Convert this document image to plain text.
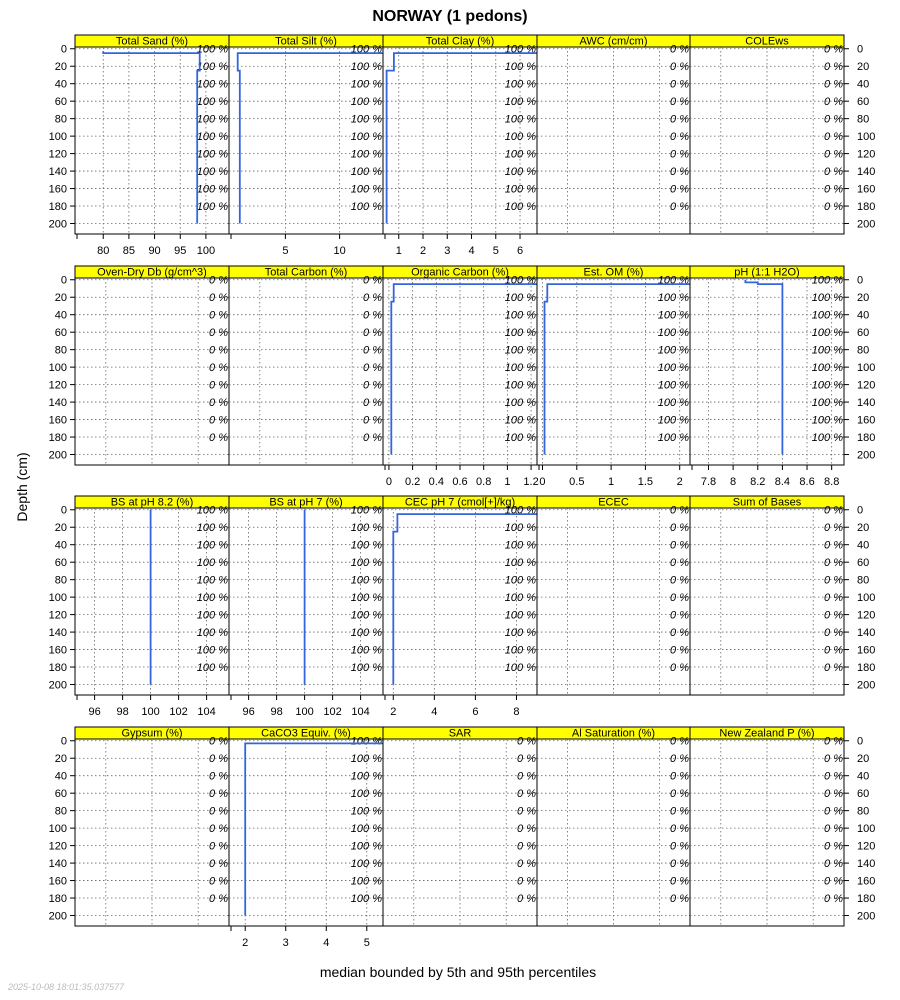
NORWAY (1 pedons)
Depth (cm)
median bounded by 5th and 95th percentiles
2025-10-08 18:01:35.037577
Total Sand (%)
80 85 90 95 100
100 %
100 %
100 %
100 %
100 %
100 %
100 %
100 %
100 %
100 %
Total Silt (%)
5	10
100 %
100 %
100 %
100 %
100 %
100 %
100 %
100 %
100 %
100 %
Total Clay (%)
1 2 3 4 5 6
100 %
100 %
100 %
100 %
100 %
100 %
100 %
100 %
100 %
100 %
AWC (cm/cm)
0 %
0 %
0 %
0 %
0 %
0 %
0 %
0 %
0 %
0 %
COLEws
0 %
0 %
0 %
0 %
0 %
0 %
0 %
0 %
0 %
0 %
Oven-Dry Db (g/cm^3)
0 %
0 %
0 %
0 %
0 %
0 %
0 %
0 %
0 %
0 %
Total Carbon (%)
0 %
0 %
0 %
0 %
0 %
0 %
0 %
0 %
0 %
0 %
Organic Carbon (%)
0 0.2 0.4 0.6 0.8 1 1.2
100 %
100 %
100 %
100 %
100 %
100 %
100 %
100 %
100 %
100 %
Est. OM (%)
0 0.5 1 1.5 2
100 %
100 %
100 %
100 %
100 %
100 %
100 %
100 %
100 %
100 %
pH (1:1 H2O)
7.8 8 8.2 8.4 8.6 8.8
100 %
100 %
100 %
100 %
100 %
100 %
100 %
100 %
100 %
100 %
BS at pH 8.2 (%)
96 98 100 102 104
100 %
100 %
100 %
100 %
100 %
100 %
100 %
100 %
100 %
100 %
BS at pH 7 (%)
96 98 100 102 104
100 %
100 %
100 %
100 %
100 %
100 %
100 %
100 %
100 %
100 %
CEC pH 7 (cmol[+]/kg)
2	4	6	8
100 %
100 %
100 %
100 %
100 %
100 %
100 %
100 %
100 %
100 %
ECEC
0 %
0 %
0 %
0 %
0 %
0 %
0 %
0 %
0 %
0 %
Sum of Bases
0 %
0 %
0 %
0 %
0 %
0 %
0 %
0 %
0 %
0 %
Gypsum (%)
0 %
0 %
0 %
0 %
0 %
0 %
0 %
0 %
0 %
0 %
CaCO3 Equiv. (%)
2	3	4	5
100 %
100 %
100 %
100 %
100 %
100 %
100 %
100 %
100 %
100 %
SAR
0 %
0 %
0 %
0 %
0 %
0 %
0 %
0 %
0 %
0 %
Al Saturation (%)
0 %
0 %
0 %
0 %
0 %
0 %
0 %
0 %
0 %
0 %
New Zealand P (%)
0 %
0 %
0 %
0 %
0 %
0 %
0 %
0 %
0 %
0 %
0	0
20	20
40	40
60	60
80	80
100	100
120	120
140	140
160	160
180	180
200	200
0	0
20	20
40	40
60	60
80	80
100	100
120	120
140	140
160	160
180	180
200	200
0	0
20	20
40	40
60	60
80	80
100	100
120	120
140	140
160	160
180	180
200	200
0	0
20	20
40	40
60	60
80	80
100	100
120	120
140	140
160	160
180	180
200	200
